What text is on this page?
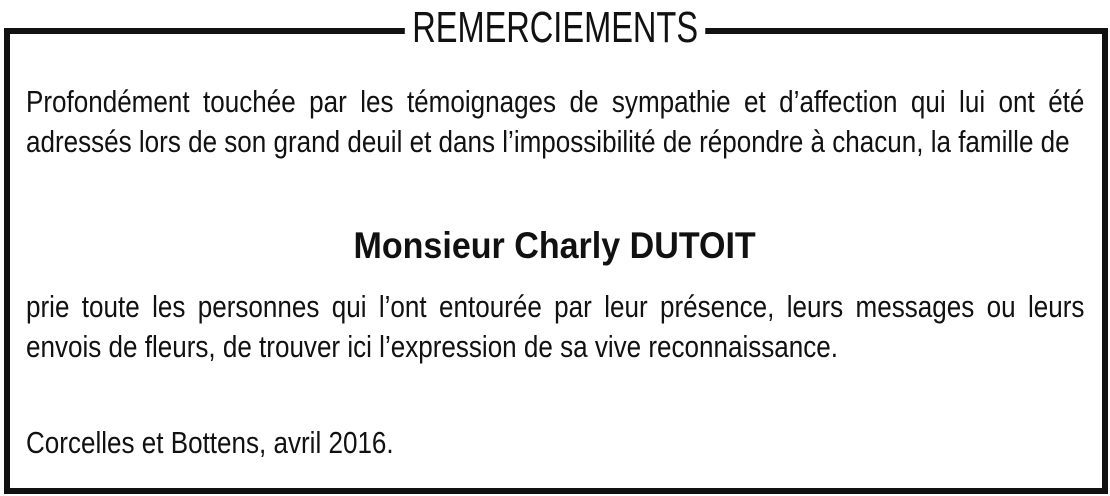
REMERCIEMENTS

Profondément touchée par les témoignages de sympathie et d’affection qui lui ont été adressés lors de son grand deuil et dans l’impossibilité de répondre à chacun, la famille de

Monsieur Charly DUTOIT

prie toute les personnes qui l’ont entourée par leur présence, leurs messages ou leurs envois de fleurs, de trouver ici l’expression de sa vive reconnaissance.

Corcelles et Bottens, avril 2016.
